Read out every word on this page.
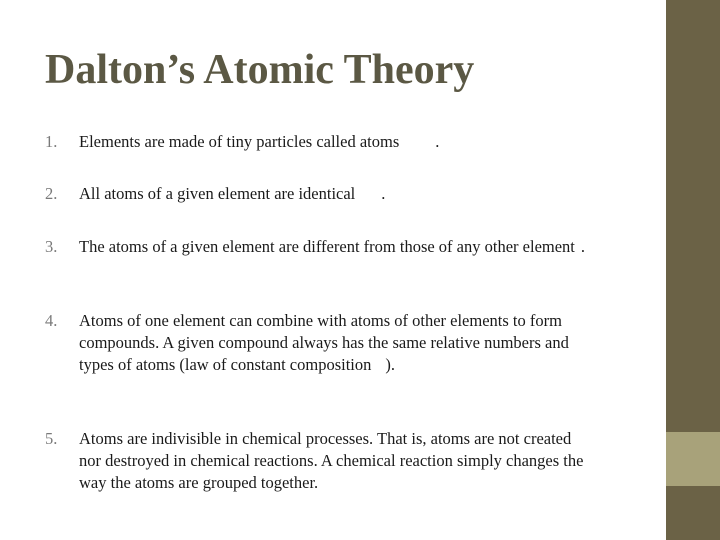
Dalton’s Atomic Theory
1.	Elements are made of tiny particles called atoms .
2.	All atoms of a given element are identical .
3.	The atoms of a given element are different from those of any other element .
4.	Atoms of one element can combine with atoms of other elements to form compounds. A given compound always has the same relative numbers and types of atoms (law of constant composition ).
5.	Atoms are indivisible in chemical processes. That is, atoms are not created nor destroyed in chemical reactions. A chemical reaction simply changes the way the atoms are grouped together.
